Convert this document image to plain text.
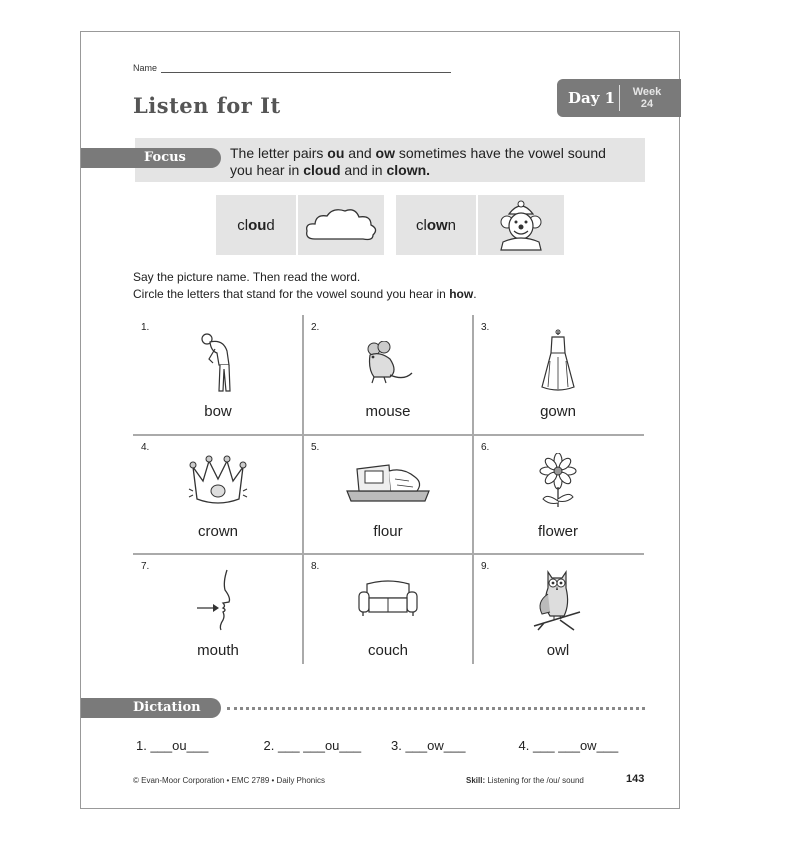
Name
Listen for It	Day 1	Week
24
Focus	The letter pairs ou and ow sometimes have the vowel sound you hear in cloud and in clown.
cl ou d	cl ow n
Say the picture name. Then read the word.
Circle the letters that stand for the vowel sound you hear in how.
1.
bow
2.
mouse
3.
gown
4.
crown
5.
flour
6.
flower
7.
mouth
8.
couch
9.
owl
Dictation
1. ___ou___	2. ___ ___ou___	3. ___ow___	4. ___ ___ow___
© Evan-Moor Corporation • EMC 2789 • Daily Phonics	Skill: Listening for the /ou/ sound	143
